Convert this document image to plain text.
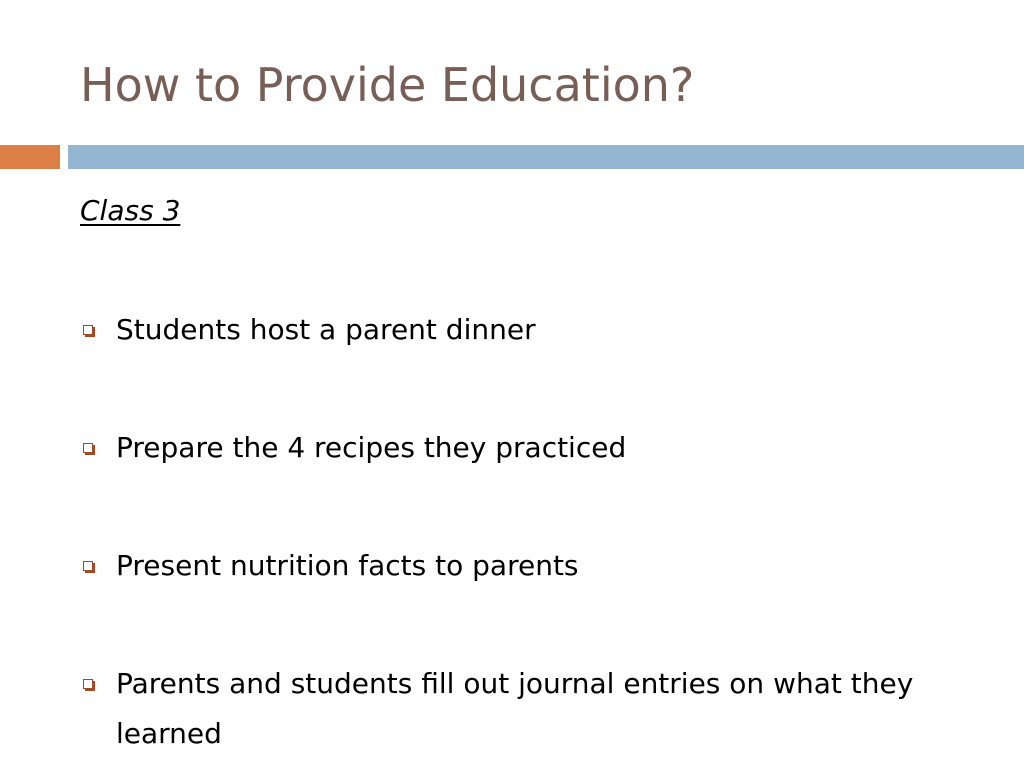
How to Provide Education?
Class 3
Students host a parent dinner
Prepare the 4 recipes they practiced
Present nutrition facts to parents
Parents and students fill out journal entries on what they learned
